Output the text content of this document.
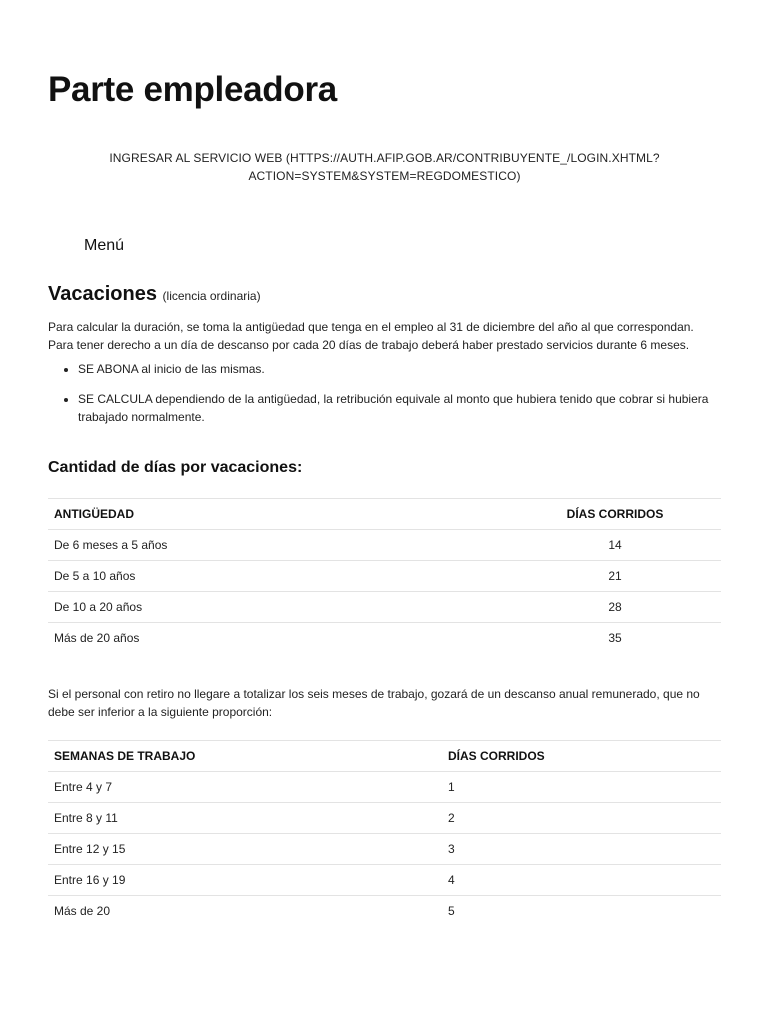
Parte empleadora
INGRESAR AL SERVICIO WEB (HTTPS://AUTH.AFIP.GOB.AR/CONTRIBUYENTE_/LOGIN.XHTML?
ACTION=SYSTEM&SYSTEM=REGDOMESTICO)
Menú
Vacaciones (licencia ordinaria)

Para calcular la duración, se toma la antigüedad que tenga en el empleo al 31 de diciembre del año al que correspondan. Para tener derecho a un día de descanso por cada 20 días de trabajo deberá haber prestado servicios durante 6 meses.

• SE ABONA al inicio de las mismas.
• SE CALCULA dependiendo de la antigüedad, la retribución equivale al monto que hubiera tenido que cobrar si hubiera trabajado normalmente.
Cantidad de días por vacaciones:
ANTIGÜEDAD	DÍAS CORRIDOS
De 6 meses a 5 años	14
De 5 a 10 años	21
De 10 a 20 años	28
Más de 20 años	35

Si el personal con retiro no llegare a totalizar los seis meses de trabajo, gozará de un descanso anual remunerado, que no debe ser inferior a la siguiente proporción:

SEMANAS DE TRABAJO	DÍAS CORRIDOS
Entre 4 y 7	1
Entre 8 y 11	2
Entre 12 y 15	3
Entre 16 y 19	4
Más de 20	5
